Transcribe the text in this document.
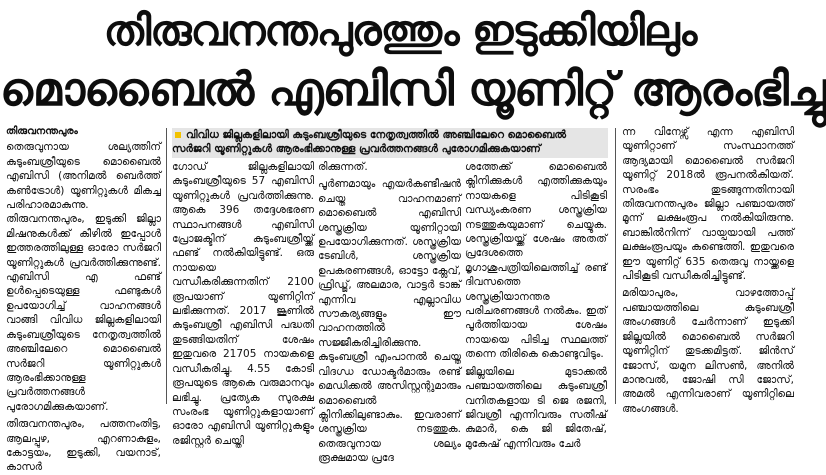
തിരുവനന്തപുരത്തും ഇടുക്കിയിലും
മൊബൈൽ എബിസി യൂണിറ്റ് ആരംഭിച്ചു
തിരുവനന്തപുരം

തെരുവുനായ ശല്യത്തിന് കുടുംബശ്രീയുടെ മൊബൈൽ എബിസി (അനിമൽ ബെർത്ത് കൺട്രോൾ) യൂണിറ്റുകൾ മികച്ച പരിഹാരമാകുന്നു. തിരുവനന്തപുരം, ഇടുക്കി ജില്ലാ മിഷനുകൾക്ക് കീഴിൽ ഇപ്പോൾ ഇത്തരത്തിലുള്ള ഓരോ സർജറി യൂണിറ്റുകൾ പ്രവർത്തിക്കുന്നുണ്ട്. എബിസി എ ഫണ്ട് ഉൾപ്പെടെയുള്ള ഫണ്ടുകൾ ഉപയോഗിച്ച് വാഹനങ്ങൾ വാങ്ങി വിവിധ ജില്ലകളിലായി കുടുംബശ്രീയുടെ നേതൃത്വത്തിൽ അഞ്ചിലേറെ മൊബൈൽ സർജറി യൂണിറ്റുകൾ ആരംഭിക്കാനുള്ള പ്രവർത്തനങ്ങൾ പുരോഗമിക്കുകയാണ്.

തിരുവനന്തപുരം, പത്തനംതിട്ട, ആലപ്പുഴ, എറണാകുളം, കോട്ടയം, ഇടുക്കി, വയനാട്, കാസർ

വിവിധ ജില്ലകളിലായി കുടുംബശ്രീയുടെ നേതൃത്വത്തിൽ അഞ്ചിലേറെ മൊബൈൽ സർജറി യൂണിറ്റുകൾ ആരംഭിക്കാനുള്ള പ്രവർത്തനങ്ങൾ പുരോഗമിക്കുകയാണ്

ഗോഡ് ജില്ലകളിലായി കുടുംബശ്രീയുടെ 57 എബിസി യൂണിറ്റുകൾ പ്രവർത്തിക്കുന്നു. ആകെ 396 തദ്ദേശഭരണ സ്ഥാപനങ്ങൾ എബിസി പ്രോജക്ടിന് കുടുംബശ്രീയ്ക്ക് ഫണ്ട് നൽകിയിട്ടുണ്ട്. ഒരു നായയെ വന്ധീകരിക്കുന്നതിന് 2100 രൂപയാണ് യൂണിറ്റിന് ലഭിക്കുന്നത്. 2017 ജൂണിൽ കുടുംബശ്രീ എബിസി പദ്ധതി തുടങ്ങിയതിന് ശേഷം ഇതുവരെ 21705 നായകളെ വന്ധീകരിച്ചു. 4.55 കോടി രൂപയുടെ ആകെ വരുമാനവും ലഭിച്ചു. പ്രത്യേക സുരക്ഷ സംരംഭ യൂണിറ്റുകളായാണ് ഓരോ എബിസി യൂണിറ്റുകളും രജിസ്റ്റർ ചെയ്തി

രിക്കുന്നത്.

പൂർണമായും എയർകണ്ടീഷൻ ചെയ്ത വാഹനമാണ് മൊബൈൽ എബിസി ശസ്ത്രക്രിയ യൂണിറ്റായി ഉപയോഗിക്കുന്നത്. ശസ്ത്രക്രിയ ടേബിൾ, ശസ്ത്രക്രിയ ഉപകരണങ്ങൾ, ഓട്ടോ ക്ലേവ്, ഫ്രിഡ്ജ്, അലമാര, വാട്ടർ ടാങ്ക് എന്നിവ എല്ലാവിധ സൗകര്യങ്ങളും ഈ വാഹനത്തിൽ സജ്ജീകരിച്ചിരിക്കുന്നു. കുടുംബശ്രീ എംപാനൽ ചെയ്ത വിദഗ്ധ ഡോക്ടർമാരും രണ്ട് മെഡിക്കൽ അസിസ്റ്റന്റുമാരും മൊബൈൽ ക്ലിനിക്കിലുണ്ടാകും. ഇവരാണ് ശസ്ത്രക്രിയ നടത്തുക. തെരുവുനായ ശല്യം രൂക്ഷമായ പ്രദേ

ശത്തേക്ക് മൊബൈൽ ക്ലിനിക്കുകൾ എത്തിക്കുകയും നായകളെ പിടികൂടി വന്ധ്യംകരണ ശസ്ത്രക്രിയ നടത്തുകയുമാണ് ചെയ്യുക. ശസ്ത്രക്രിയയ്ക്ക് ശേഷം അതത് പ്രദേശത്തെ മൃഗാശുപത്രിയിലെത്തിച്ച് രണ്ട് ദിവസത്തെ ശസ്ത്രക്രിയാനന്തര പരിചരണങ്ങൾ നൽകും. ഇത് പൂർത്തിയായ ശേഷം നായയെ പിടിച്ച സ്ഥലത്ത് തന്നെ തിരികെ കൊണ്ടുവിടും.

ജില്ലയിലെ മുടാക്കൽ പഞ്ചായത്തിലെ കുടുംബശ്രീ വനിതകളായ ടി ജെ രജനി, ജിവശ്രീ എന്നിവരും സതീഷ് കുമാർ, കെ ജി ജിതേഷ്, മുകേഷ് എന്നിവരും ചേർ

ന്ന വിനേഴ്സ് എന്ന എബിസി യൂണിറ്റാണ് സംസ്ഥാനത്ത് ആദ്യമായി മൊബൈൽ സർജറി യൂണിറ്റ് 2018ൽ രൂപനൽകിയത്. സരംഭം തുടങ്ങുന്നതിനായി തിരുവനന്തപുരം ജില്ലാ പഞ്ചായത്ത് മൂന്ന് ലക്ഷംരൂപ നൽകിയിരുന്നു. ബാങ്കിൽനിന്ന് വായ്പയായി പത്ത് ലക്ഷംരൂപയും കണ്ടെത്തി. ഇതുവരെ ഈ യൂണിറ്റ് 635 തെരുവു നായ്ക്കളെ പിടികൂടി വന്ധീകരിച്ചിട്ടുണ്ട്.

മരിയാപുരം, വാഴത്തോപ്പ് പഞ്ചായത്തിലെ കുടുംബശ്രീ അംഗങ്ങൾ ചേർന്നാണ് ഇടുക്കി ജില്ലയിൽ മൊബൈൽ സർജറി യൂണിറ്റിന് തുടക്കമിട്ടത്. ജിൻസ് ജോസ്, യമുന ലിസൺ, അനിൽ മാനുവൽ, ജോഷി സി ജോസ്, അമൽ എന്നിവരാണ് യൂണിറ്റിലെ അംഗങ്ങൾ.
